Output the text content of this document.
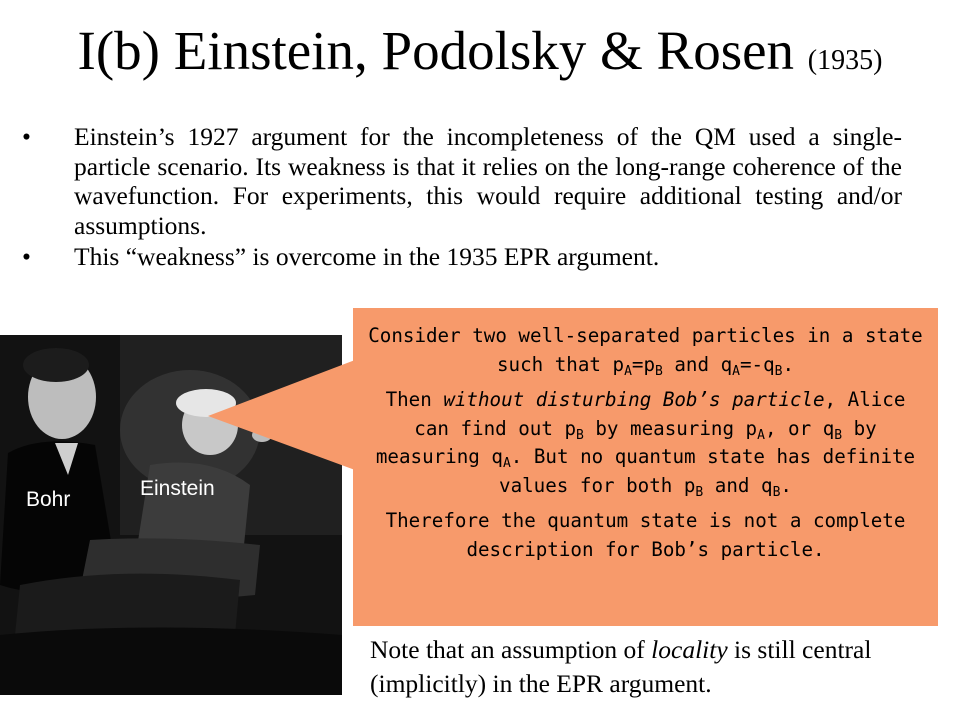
I(b) Einstein, Podolsky & Rosen (1935)
• Einstein’s 1927 argument for the incompleteness of the QM used a single-particle scenario. Its weakness is that it relies on the long-range coherence of the wavefunction. For experiments, this would require additional testing and/or assumptions.
• This “weakness” is overcome in the 1935 EPR argument.
Bohr	Einstein

Consider two well-separated particles in a state such that $p_A=p_B$ and $q_A=-q_B$.

Then without disturbing Bob’s particle, Alice can find out $p_B$ by measuring $p_A$, or $q_B$ by measuring $q_A$. But no quantum state has definite values for both $p_B$ and $q_B$.

Therefore the quantum state is not a complete description for Bob’s particle.

Note that an assumption of locality is still central (implicitly) in the EPR argument.
